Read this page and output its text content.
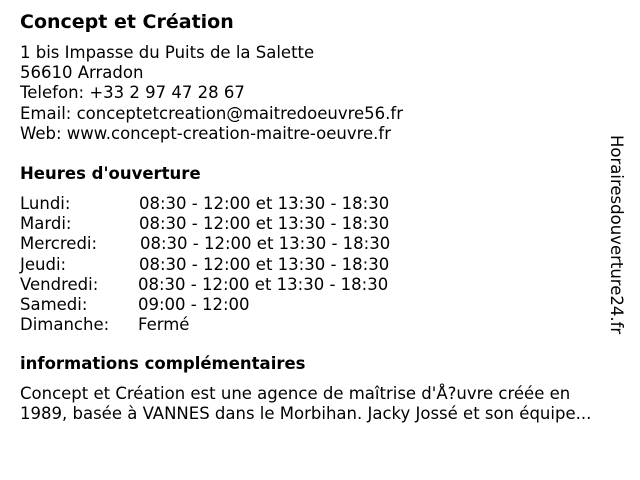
Concept et Création
1 bis Impasse du Puits de la Salette
56610 Arradon
Telefon: +33 2 97 47 28 67
Email: conceptetcreation@maitredoeuvre56.fr
Web: www.concept-creation-maitre-oeuvre.fr
Heures d'ouverture
Lundi:	08:30 - 12:00 et 13:30 - 18:30
Mardi:	08:30 - 12:00 et 13:30 - 18:30
Mercredi:	08:30 - 12:00 et 13:30 - 18:30
Jeudi:	08:30 - 12:00 et 13:30 - 18:30
Vendredi: 08:30 - 12:00 et 13:30 - 18:30
Samedi:	09:00 - 12:00
Dimanche: Fermé
informations complémentaires
Concept et Création est une agence de maîtrise d'Å?uvre créée en
1989, basée à VANNES dans le Morbihan. Jacky Jossé et son équipe...
Horairesdouverture24.fr
